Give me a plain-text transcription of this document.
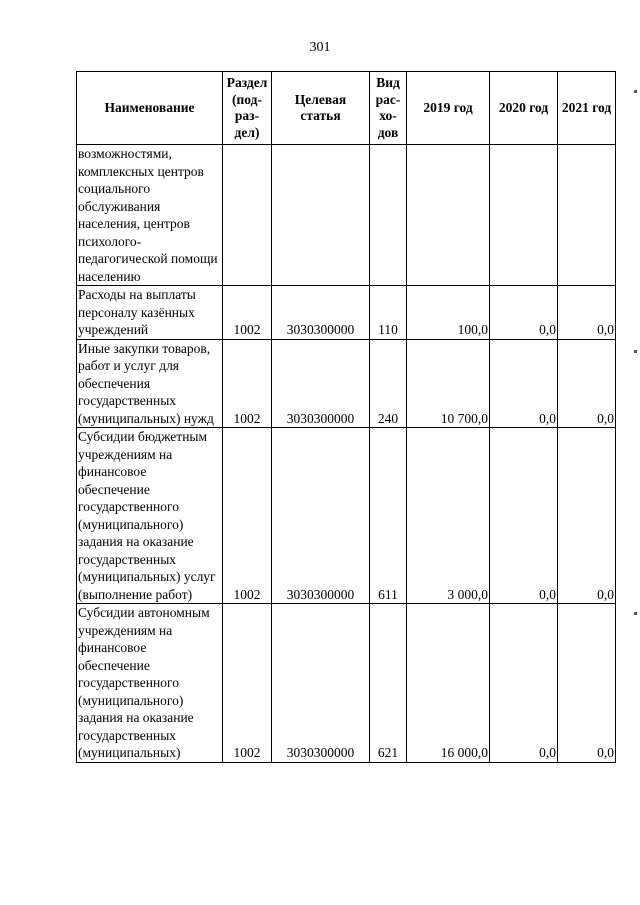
301
Наименование	Раздел (под-раз-дел)	Целевая статья	Вид рас-хо-дов	2019 год	2020 год	2021 год
возможностями, комплексных центров социального обслуживания населения, центров психолого-педагогической помощи населению						
Расходы на выплаты персоналу казённых учреждений	1002	3030300000	110	100,0	0,0	0,0
Иные закупки товаров, работ и услуг для обеспечения государственных (муниципальных) нужд	1002	3030300000	240	10 700,0	0,0	0,0
Субсидии бюджетным учреждениям на финансовое обеспечение государственного (муниципального) задания на оказание государственных (муниципальных) услуг (выполнение работ)	1002	3030300000	611	3 000,0	0,0	0,0
Субсидии автономным учреждениям на финансовое обеспечение государственного (муниципального) задания на оказание государственных (муниципальных)	1002	3030300000	621	16 000,0	0,0	0,0
